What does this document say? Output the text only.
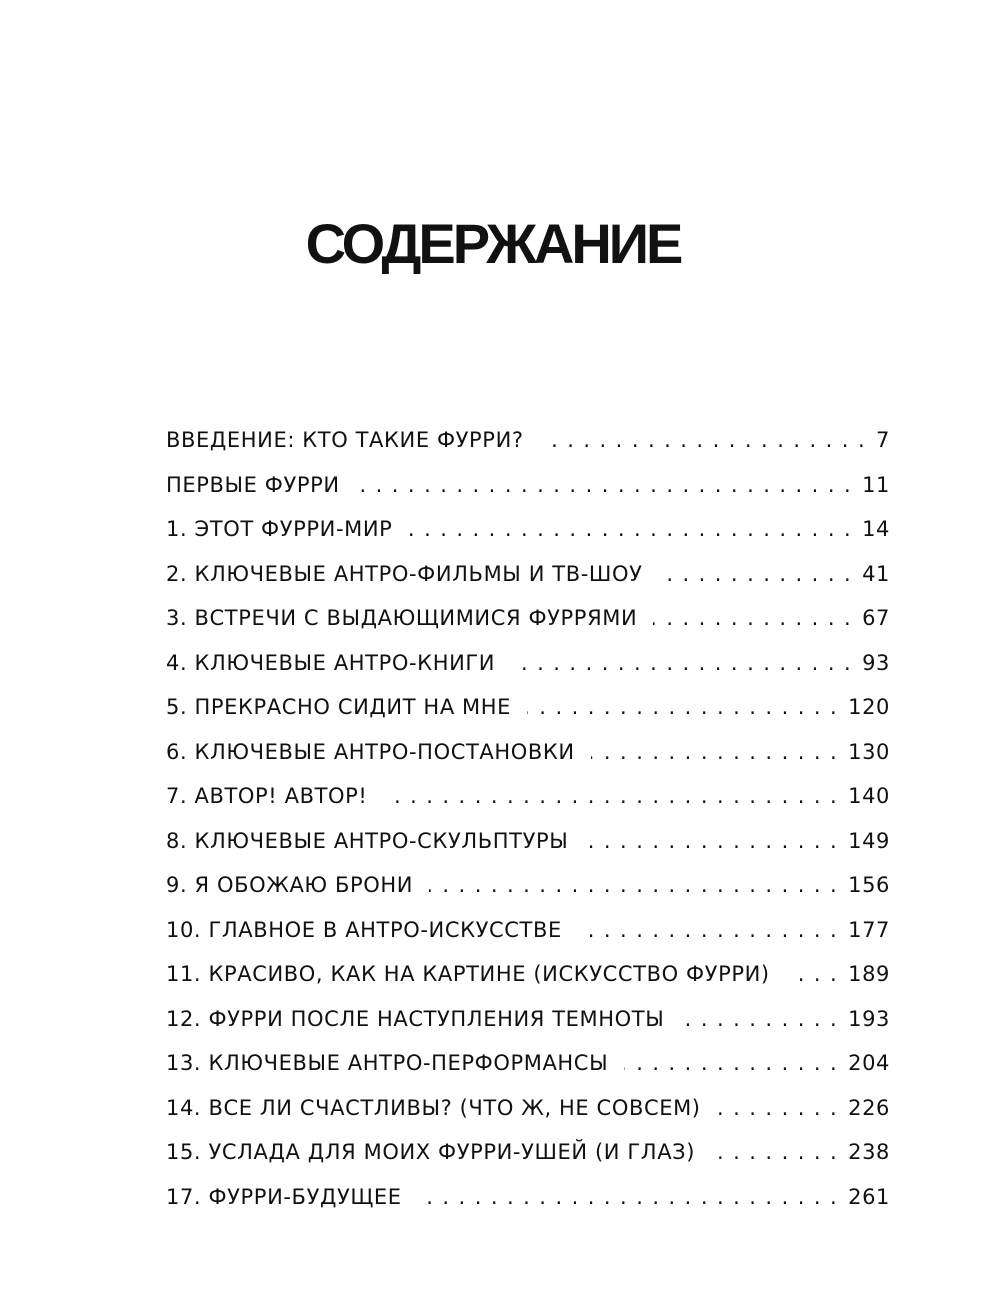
СОДЕРЖАНИЕ
ВВЕДЕНИЕ: КТО ТАКИЕ ФУРРИ? . . .	7
ПЕРВЫЕ ФУРРИ . . .	11
1. ЭТОТ ФУРРИ-МИР . . .	14
2. КЛЮЧЕВЫЕ АНТРО-ФИЛЬМЫ И ТВ-ШОУ . . .	41
3. ВСТРЕЧИ С ВЫДАЮЩИМИСЯ ФУРРЯМИ . . .	67
4. КЛЮЧЕВЫЕ АНТРО-КНИГИ . . .	93
5. ПРЕКРАСНО СИДИТ НА МНЕ . . .	120
6. КЛЮЧЕВЫЕ АНТРО-ПОСТАНОВКИ . . .	130
7. АВТОР! АВТОР! . . .	140
8. КЛЮЧЕВЫЕ АНТРО-СКУЛЬПТУРЫ . . .	149
9. Я ОБОЖАЮ БРОНИ . . .	156
10. ГЛАВНОЕ В АНТРО-ИСКУССТВЕ . . .	177
11. КРАСИВО, КАК НА КАРТИНЕ (ИСКУССТВО ФУРРИ) . . .	189
12. ФУРРИ ПОСЛЕ НАСТУПЛЕНИЯ ТЕМНОТЫ . . .	193
13. КЛЮЧЕВЫЕ АНТРО-ПЕРФОРМАНСЫ . . .	204
14. ВСЕ ЛИ СЧАСТЛИВЫ? (ЧТО Ж, НЕ СОВСЕМ) . . .	226
15. УСЛАДА ДЛЯ МОИХ ФУРРИ-УШЕЙ (И ГЛАЗ) . . .	238
17. ФУРРИ-БУДУЩЕЕ . . .	261
